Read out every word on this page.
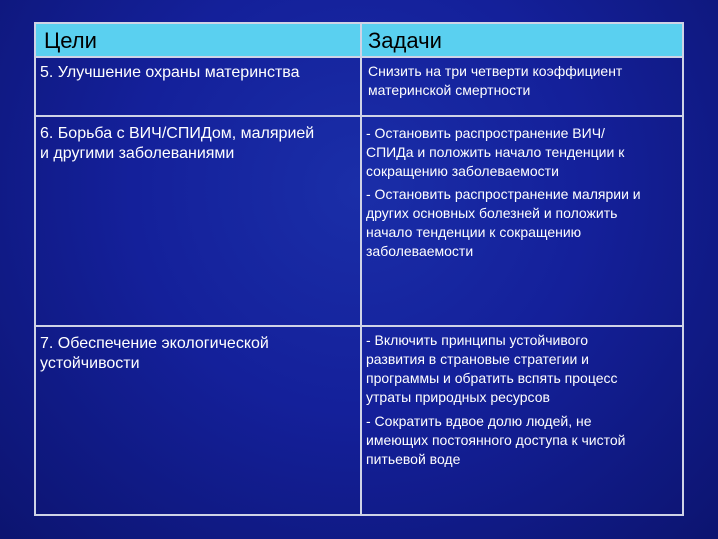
Цели	Задачи
5. Улучшение охраны материнства	Снизить на три четверти коэффициент
материнской смертности
6. Борьба с ВИЧ/СПИДом, малярией
и другими заболеваниями
- Остановить распространение ВИЧ/
СПИДа и положить начало тенденции к
сокращению заболеваемости
- Остановить распространение малярии и
других основных болезней и положить
начало тенденции к сокращению
заболеваемости
7. Обеспечение экологической
устойчивости
- Включить принципы устойчивого
развития в страновые стратегии и
программы и обратить вспять процесс
утраты природных ресурсов
- Сократить вдвое долю людей, не
имеющих постоянного доступа к чистой
питьевой воде
